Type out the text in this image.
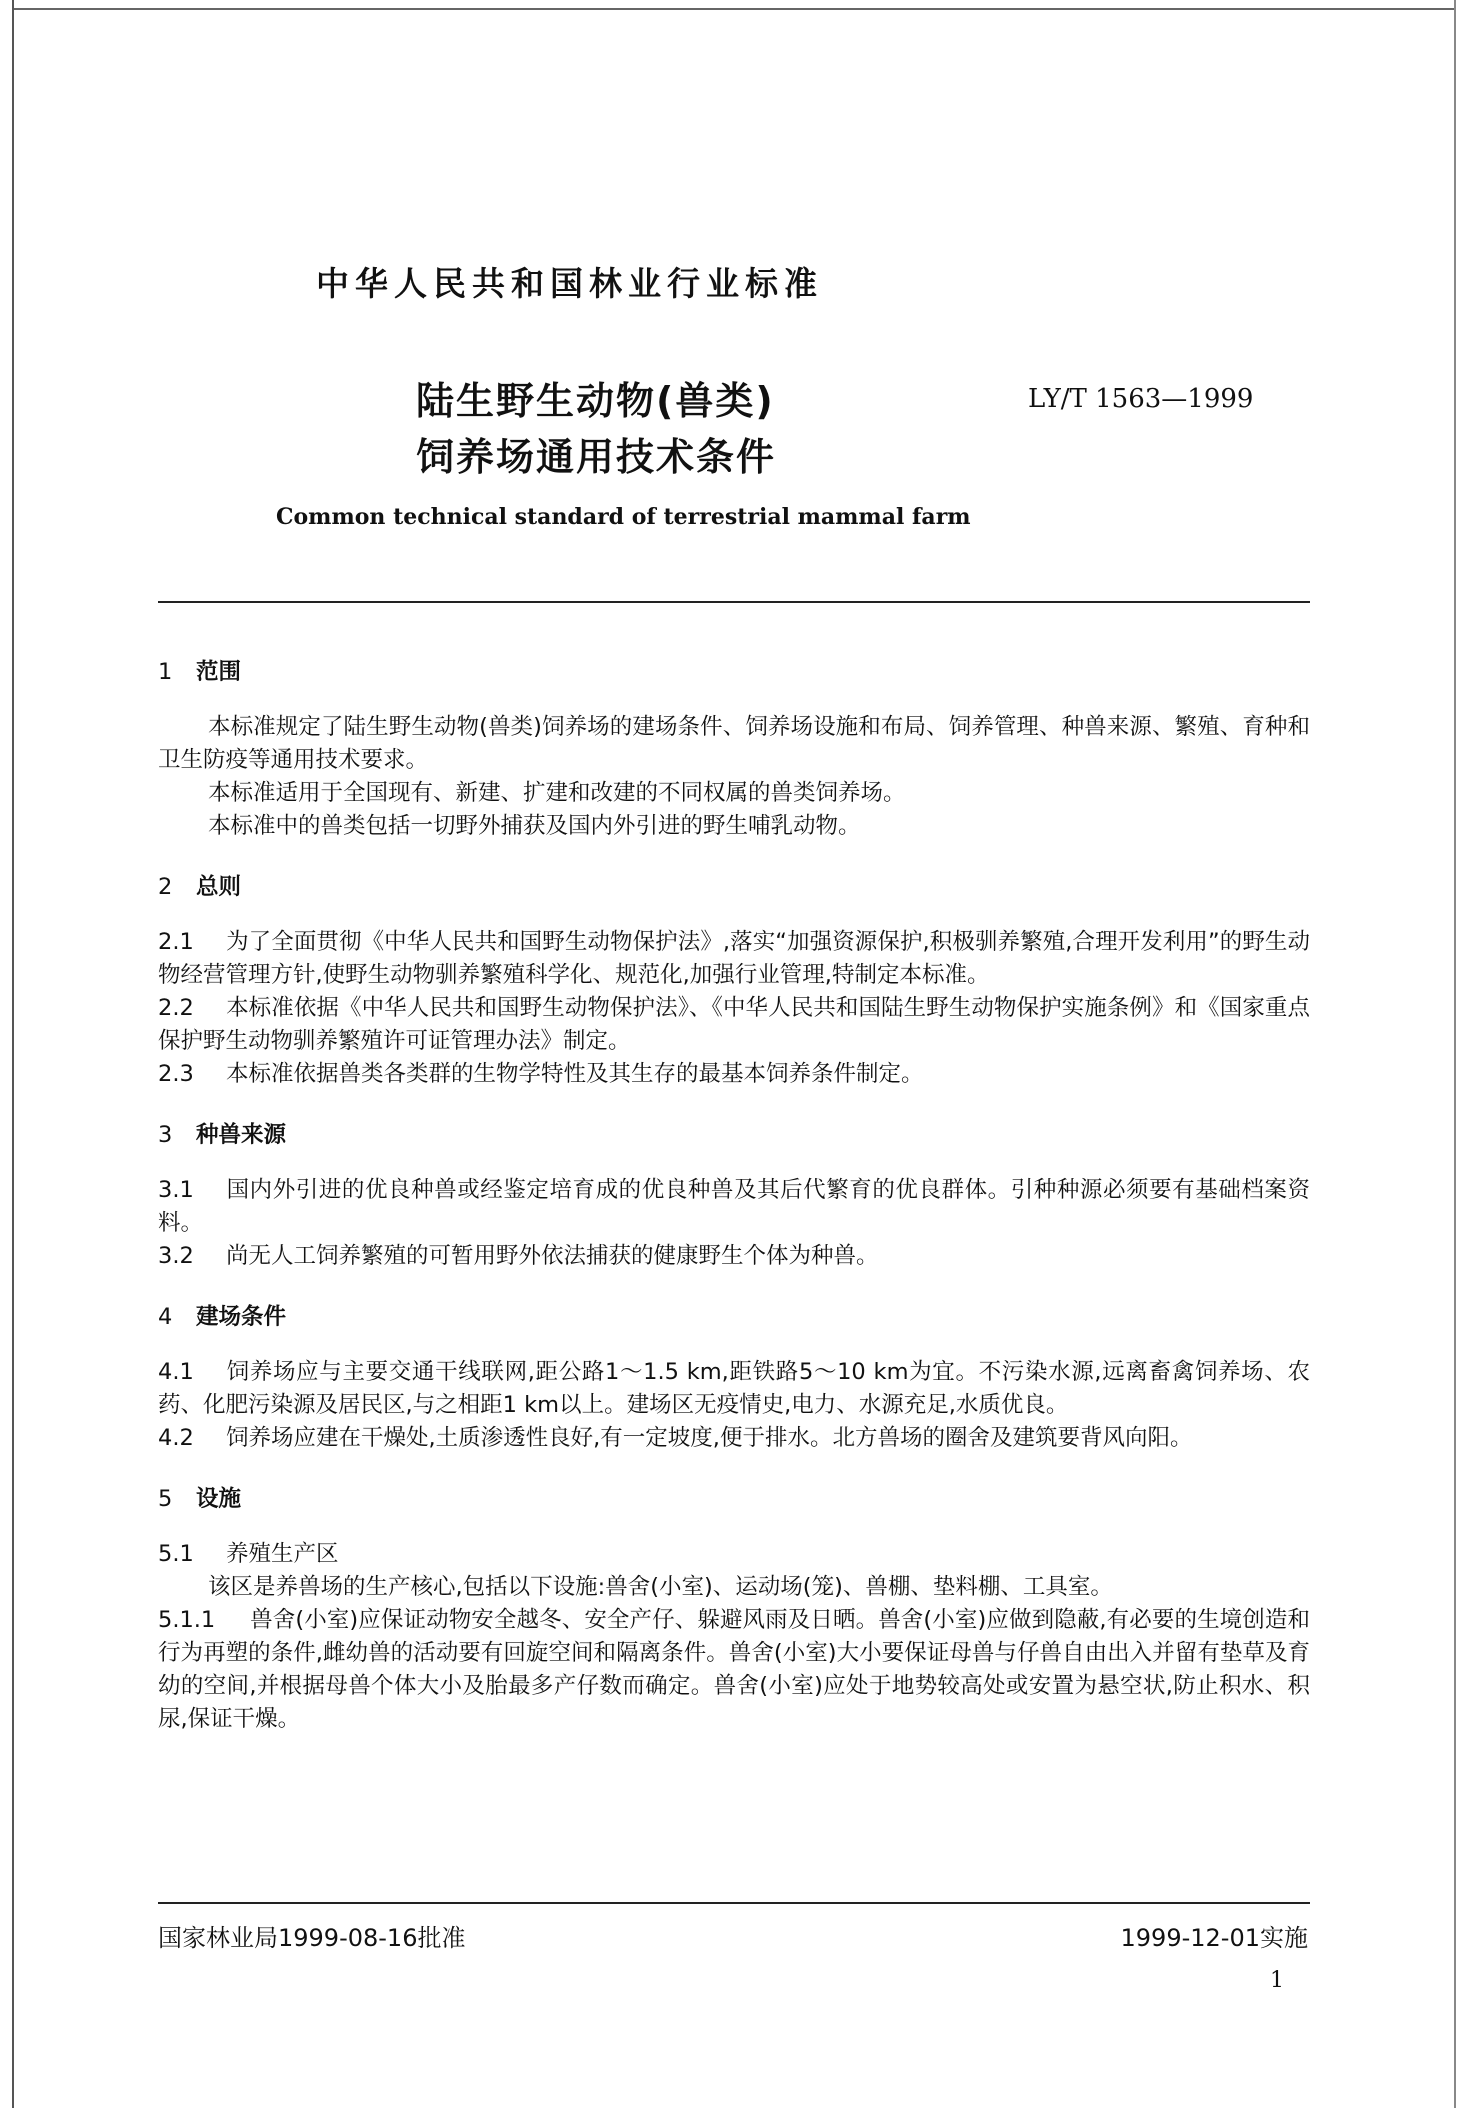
中华人民共和国林业行业标准
陆生野生动物(兽类)
饲养场通用技术条件
LY/T 1563—1999
Common technical standard of terrestrial mammal farm

1 范围

本标准规定了陆生野生动物(兽类)饲养场的建场条件、饲养场设施和布局、饲养管理、种兽来源、繁殖、育种和卫生防疫等通用技术要求。

本标准适用于全国现有、新建、扩建和改建的不同权属的兽类饲养场。

本标准中的兽类包括一切野外捕获及国内外引进的野生哺乳动物。

2 总则

2.1 为了全面贯彻《中华人民共和国野生动物保护法》,落实“加强资源保护,积极驯养繁殖,合理开发利用”的野生动物经营管理方针,使野生动物驯养繁殖科学化、规范化,加强行业管理,特制定本标准。

2.2 本标准依据《中华人民共和国野生动物保护法》、《中华人民共和国陆生野生动物保护实施条例》和《国家重点保护野生动物驯养繁殖许可证管理办法》制定。

2.3 本标准依据兽类各类群的生物学特性及其生存的最基本饲养条件制定。

3 种兽来源

3.1 国内外引进的优良种兽或经鉴定培育成的优良种兽及其后代繁育的优良群体。引种种源必须要有基础档案资料。

3.2 尚无人工饲养繁殖的可暂用野外依法捕获的健康野生个体为种兽。

4 建场条件

4.1 饲养场应与主要交通干线联网,距公路1～1.5 km,距铁路5～10 km为宜。不污染水源,远离畜禽饲养场、农药、化肥污染源及居民区,与之相距1 km以上。建场区无疫情史,电力、水源充足,水质优良。

4.2 饲养场应建在干燥处,土质渗透性良好,有一定坡度,便于排水。北方兽场的圈舍及建筑要背风向阳。

5 设施

5.1 养殖生产区

该区是养兽场的生产核心,包括以下设施:兽舍(小室)、运动场(笼)、兽棚、垫料棚、工具室。

5.1.1 兽舍(小室)应保证动物安全越冬、安全产仔、躲避风雨及日晒。兽舍(小室)应做到隐蔽,有必要的生境创造和行为再塑的条件,雌幼兽的活动要有回旋空间和隔离条件。兽舍(小室)大小要保证母兽与仔兽自由出入并留有垫草及育幼的空间,并根据母兽个体大小及胎最多产仔数而确定。兽舍(小室)应处于地势较高处或安置为悬空状,防止积水、积尿,保证干燥。

国家林业局1999-08-16批准	1999-12-01实施
1
